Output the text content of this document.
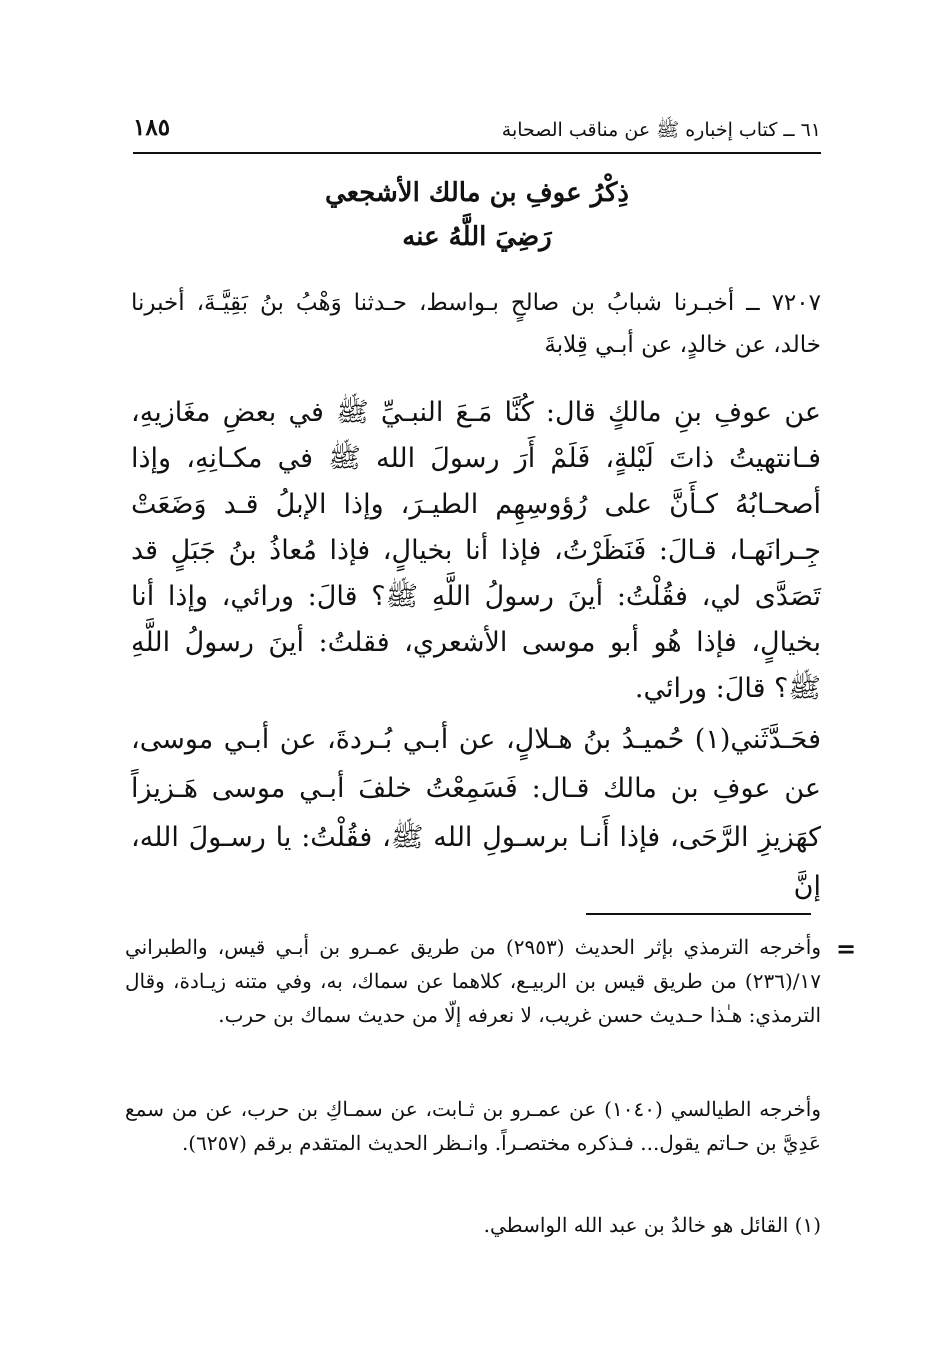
٦١ ــ كتاب إخباره ﷺ عن مناقب الصحابة
١٨٥
ذِكْرُ عوفِ بن مالك الأشجعي
رَضِيَ اللَّهُ عنه
٧٢٠٧ ــ أخبـرنا شبابُ بن صالحٍ بـواسط، حـدثنا وَهْبُ بنُ بَقِيَّـةَ، أخبرنا خالد، عن خالدٍ، عن أبـي قِلابةَ
عن عوفِ بنِ مالكٍ قال: كُنَّا مَـعَ النبـيِّ ﷺ في بعضِ مغَازيهِ، فـانتهيتُ ذاتَ لَيْلةٍ، فَلَمْ أَرَ رسولَ الله ﷺ في مكـانِهِ، وإذا أصحـابُهُ كـأَنَّ على رُؤوسِهِم الطيـرَ، وإذا الإبلُ قـد وَضَعَتْ جِـرانَهـا، قـالَ: فَنَظَرْتُ، فإذا أنا بخيالٍ، فإذا مُعاذُ بنُ جَبَلٍ قد تَصَدَّى لي، فقُلْتُ: أينَ رسولُ اللَّهِ ﷺ؟ قالَ: ورائي، وإذا أنا بخيالٍ، فإذا هُو أبو موسى الأشعري، فقلتُ: أينَ رسولُ اللَّهِ ﷺ؟ قالَ: ورائي.
فحَـدَّثَني(١) حُميـدُ بنُ هـلالٍ، عن أبـي بُـردةَ، عن أبـي موسى، عن عوفِ بن مالك قـال: فَسَمِعْتُ خلفَ أبـي موسى هَـزيزاً كهَزيزِ الرَّحَى، فإذا أَنـا برسـولِ الله ﷺ، فقُلْتُ: يا رسـولَ الله، إنَّ
=
وأخرجه الترمذي بإثر الحديث (٢٩٥٣) من طريق عمـرو بن أبـي قيس، والطبراني ١٧/(٢٣٦) من طريق قيس بن الربيـع، كلاهما عن سماك، به، وفي متنه زيـادة، وقال الترمذي: هـٰذا حـديث حسن غريب، لا نعرفه إلّا من حديث سماك بن حرب.
وأخرجه الطيالسي (١٠٤٠) عن عمـرو بن ثـابت، عن سمـاكِ بن حرب، عن من سمع عَدِيَّ بن حـاتم يقول... فـذكره مختصـراً. وانـظر الحديث المتقدم برقم (٦٢٥٧).
(١) القائل هو خالدُ بن عبد الله الواسطي.
